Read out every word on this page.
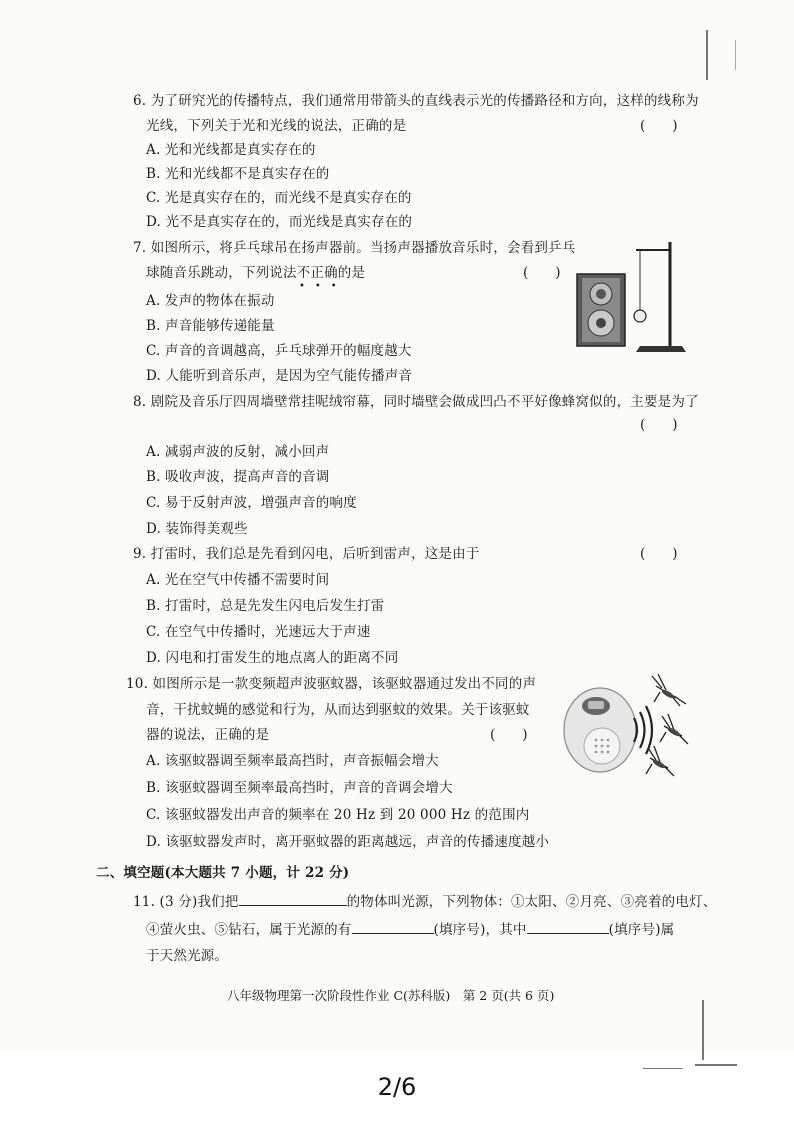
6. 为了研究光的传播特点，我们通常用带箭头的直线表示光的传播路径和方向，这样的线称为
光线，下列关于光和光线的说法，正确的是	(　　)
A. 光和光线都是真实存在的
B. 光和光线都不是真实存在的
C. 光是真实存在的，而光线不是真实存在的
D. 光不是真实存在的，而光线是真实存在的
7. 如图所示，将乒乓球吊在扬声器前。当扬声器播放音乐时，会看到乒乓
球随音乐跳动，下列说法不正确的是
•　•　•
(　　)
A. 发声的物体在振动
B. 声音能够传递能量
C. 声音的音调越高，乒乓球弹开的幅度越大
D. 人能听到音乐声，是因为空气能传播声音
8. 剧院及音乐厅四周墙壁常挂呢绒帘幕，同时墙壁会做成凹凸不平好像蜂窝似的，主要是为了
(　　)
A. 减弱声波的反射，减小回声
B. 吸收声波，提高声音的音调
C. 易于反射声波，增强声音的响度
D. 装饰得美观些
9. 打雷时，我们总是先看到闪电，后听到雷声，这是由于	(　　)
A. 光在空气中传播不需要时间
B. 打雷时，总是先发生闪电后发生打雷
C. 在空气中传播时，光速远大于声速
D. 闪电和打雷发生的地点离人的距离不同
10. 如图所示是一款变频超声波驱蚊器，该驱蚊器通过发出不同的声
音，干扰蚊蝇的感觉和行为，从而达到驱蚊的效果。关于该驱蚊
器的说法，正确的是	(　　)
A. 该驱蚊器调至频率最高挡时，声音振幅会增大
B. 该驱蚊器调至频率最高挡时，声音的音调会增大
C. 该驱蚊器发出声音的频率在 20 Hz 到 20 000 Hz 的范围内
D. 该驱蚊器发声时，离开驱蚊器的距离越远，声音的传播速度越小
二、填空题(本大题共 7 小题，计 22 分)
11. (3 分)我们把	的物体叫光源，下列物体：①太阳、②月亮、③亮着的电灯、
④萤火虫、⑤钻石，属于光源的有	(填序号)，其中	(填序号)属
于天然光源。
八年级物理第一次阶段性作业 C(苏科版)　第 2 页(共 6 页)
2/6
